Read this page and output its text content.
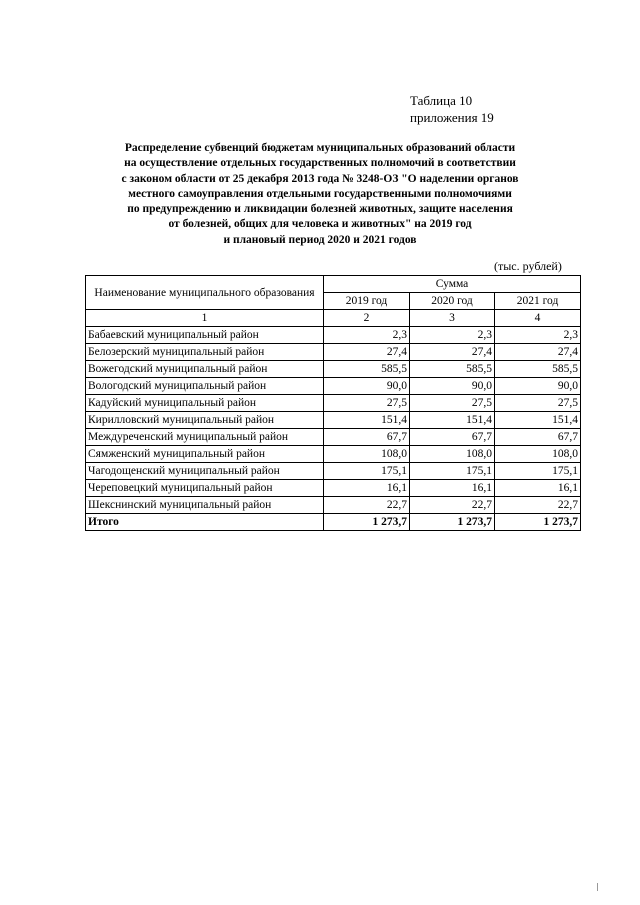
Таблица 10
приложения 19
Распределение субвенций бюджетам муниципальных образований области
на осуществление отдельных государственных полномочий в соответствии
с законом области от 25 декабря 2013 года № 3248-ОЗ "О наделении органов
местного самоуправления отдельными государственными полномочиями
по предупреждению и ликвидации болезней животных, защите населения
от болезней, общих для человека и животных" на 2019 год
и плановый период 2020 и 2021 годов
(тыс. рублей)
Наименование муниципального образования	Сумма		
	2019 год	2020 год	2021 год
1	2	3	4
Бабаевский муниципальный район	2,3	2,3	2,3
Белозерский муниципальный район	27,4	27,4	27,4
Вожегодский муниципальный район	585,5	585,5	585,5
Вологодский муниципальный район	90,0	90,0	90,0
Кадуйский муниципальный район	27,5	27,5	27,5
Кирилловский муниципальный район	151,4	151,4	151,4
Междуреченский муниципальный район	67,7	67,7	67,7
Сямженский муниципальный район	108,0	108,0	108,0
Чагодощенский муниципальный район	175,1	175,1	175,1
Череповецкий муниципальный район	16,1	16,1	16,1
Шекснинский муниципальный район	22,7	22,7	22,7
Итого	1 273,7	1 273,7	1 273,7
